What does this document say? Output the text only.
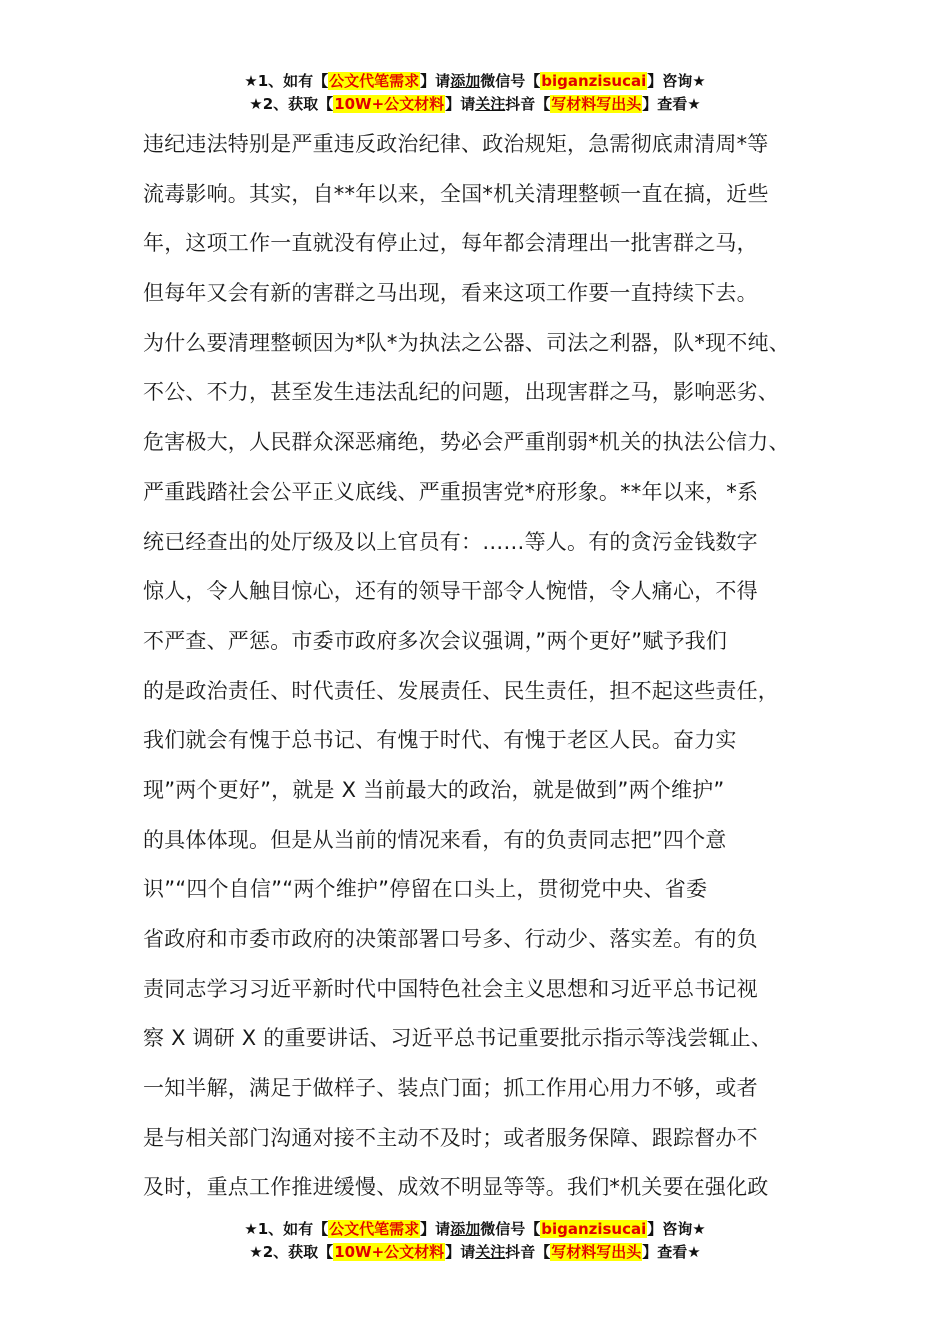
★1、如有【公文代笔需求】请添加微信号【biganzisucai】咨询★
★2、获取【10W+公文材料】请关注抖音【写材料写出头】查看★
违纪违法特别是严重违反政治纪律、政治规矩，急需彻底肃清周*等
流毒影响。其实，自**年以来，全国*机关清理整顿一直在搞，近些
年，这项工作一直就没有停止过，每年都会清理出一批害群之马，
但每年又会有新的害群之马出现，看来这项工作要一直持续下去。
为什么要清理整顿因为*队*为执法之公器、司法之利器，队*现不纯、
不公、不力，甚至发生违法乱纪的问题，出现害群之马，影响恶劣、
危害极大，人民群众深恶痛绝，势必会严重削弱*机关的执法公信力、
严重践踏社会公平正义底线、严重损害党*府形象。**年以来，*系
统已经查出的处厅级及以上官员有：……等人。有的贪污金钱数字
惊人，令人触目惊心，还有的领导干部令人惋惜，令人痛心，不得
不严查、严惩。市委市政府多次会议强调，”两个更好”赋予我们
的是政治责任、时代责任、发展责任、民生责任，担不起这些责任，
我们就会有愧于总书记、有愧于时代、有愧于老区人民。奋力实
现”两个更好”，就是 X 当前最大的政治，就是做到”两个维护”
的具体体现。但是从当前的情况来看，有的负责同志把”四个意
识”“四个自信”“两个维护”停留在口头上，贯彻党中央、省委
省政府和市委市政府的决策部署口号多、行动少、落实差。有的负
责同志学习习近平新时代中国特色社会主义思想和习近平总书记视
察 X 调研 X 的重要讲话、习近平总书记重要批示指示等浅尝辄止、
一知半解，满足于做样子、装点门面；抓工作用心用力不够，或者
是与相关部门沟通对接不主动不及时；或者服务保障、跟踪督办不
及时，重点工作推进缓慢、成效不明显等等。我们*机关要在强化政
★1、如有【公文代笔需求】请添加微信号【biganzisucai】咨询★
★2、获取【10W+公文材料】请关注抖音【写材料写出头】查看★
